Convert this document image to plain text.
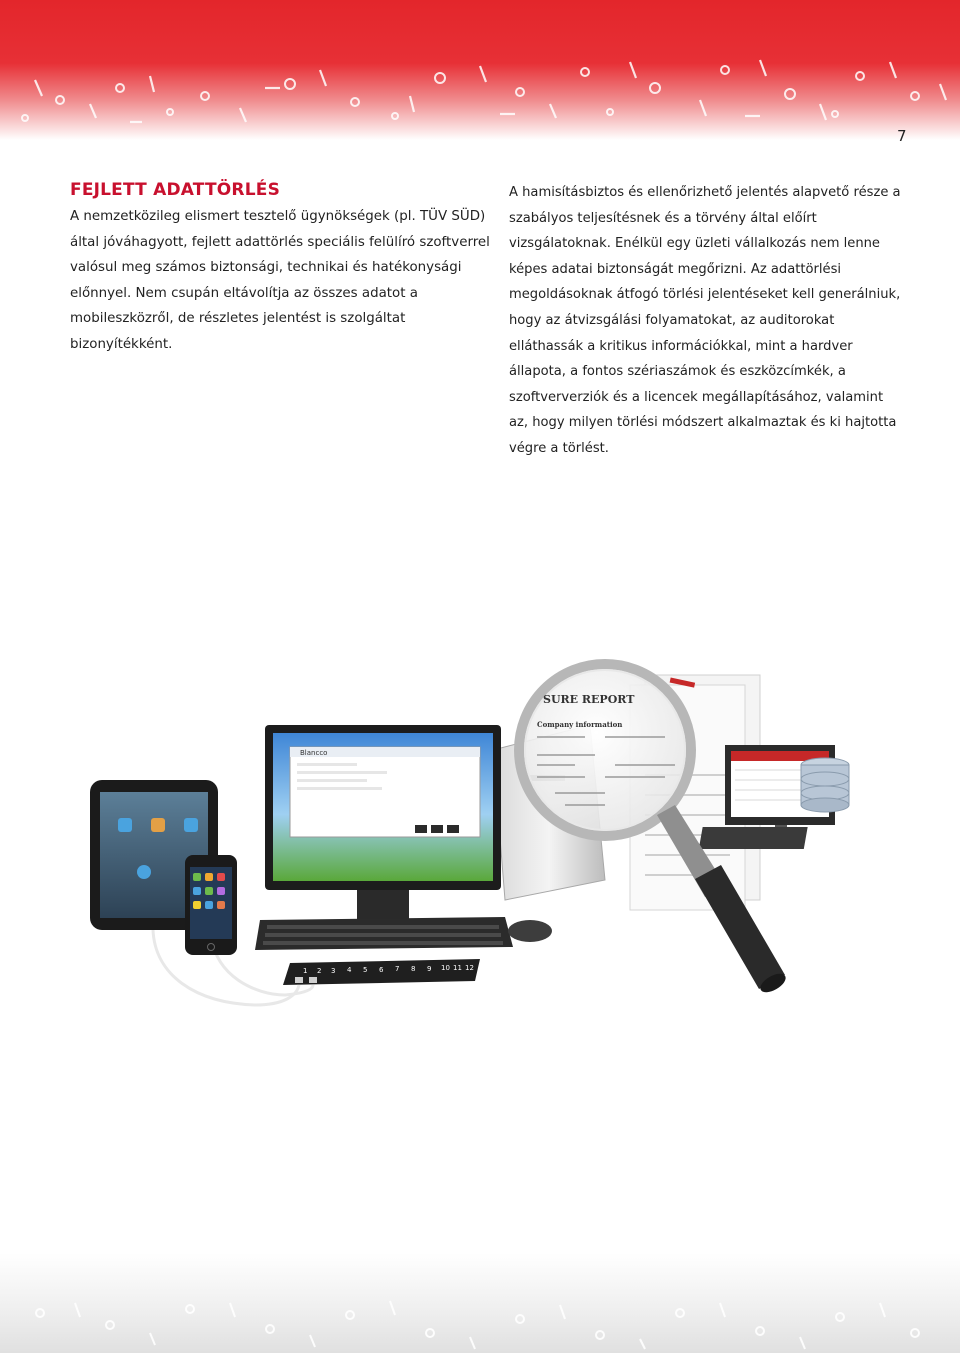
7
FEJLETT ADATTÖRLÉS

A nemzetközileg elismert tesztelő ügynökségek (pl. TÜV SÜD) által jóváhagyott, fejlett adattörlés speciális felülíró szoftverrel valósul meg számos biztonsági, technikai és hatékonysági előnnyel. Nem csupán eltávolítja az összes adatot a mobileszközről, de részletes jelentést is szolgáltat bizonyítékként.

A hamisításbiztos és ellenőrizhető jelentés alapvető része a szabályos teljesítésnek és a törvény által előírt vizsgálatoknak. Enélkül egy üzleti vállalkozás nem lenne képes adatai biztonságát megőrizni. Az adattörlési megoldásoknak átfogó törlési jelentéseket kell generálniuk, hogy az átvizsgálási folyamatokat, az auditorokat elláthassák a kritikus információkkal, mint a hardver állapota, a fontos szériaszámok és eszközcímkék, a szoftververziók és a licencek megállapításához, valamint az, hogy milyen törlési módszert alkalmaztak és ki hajtotta végre a törlést.

Blancco
1 2 3 4 5 6 7 8 9 10 11 12
SURE REPORT
Company information
